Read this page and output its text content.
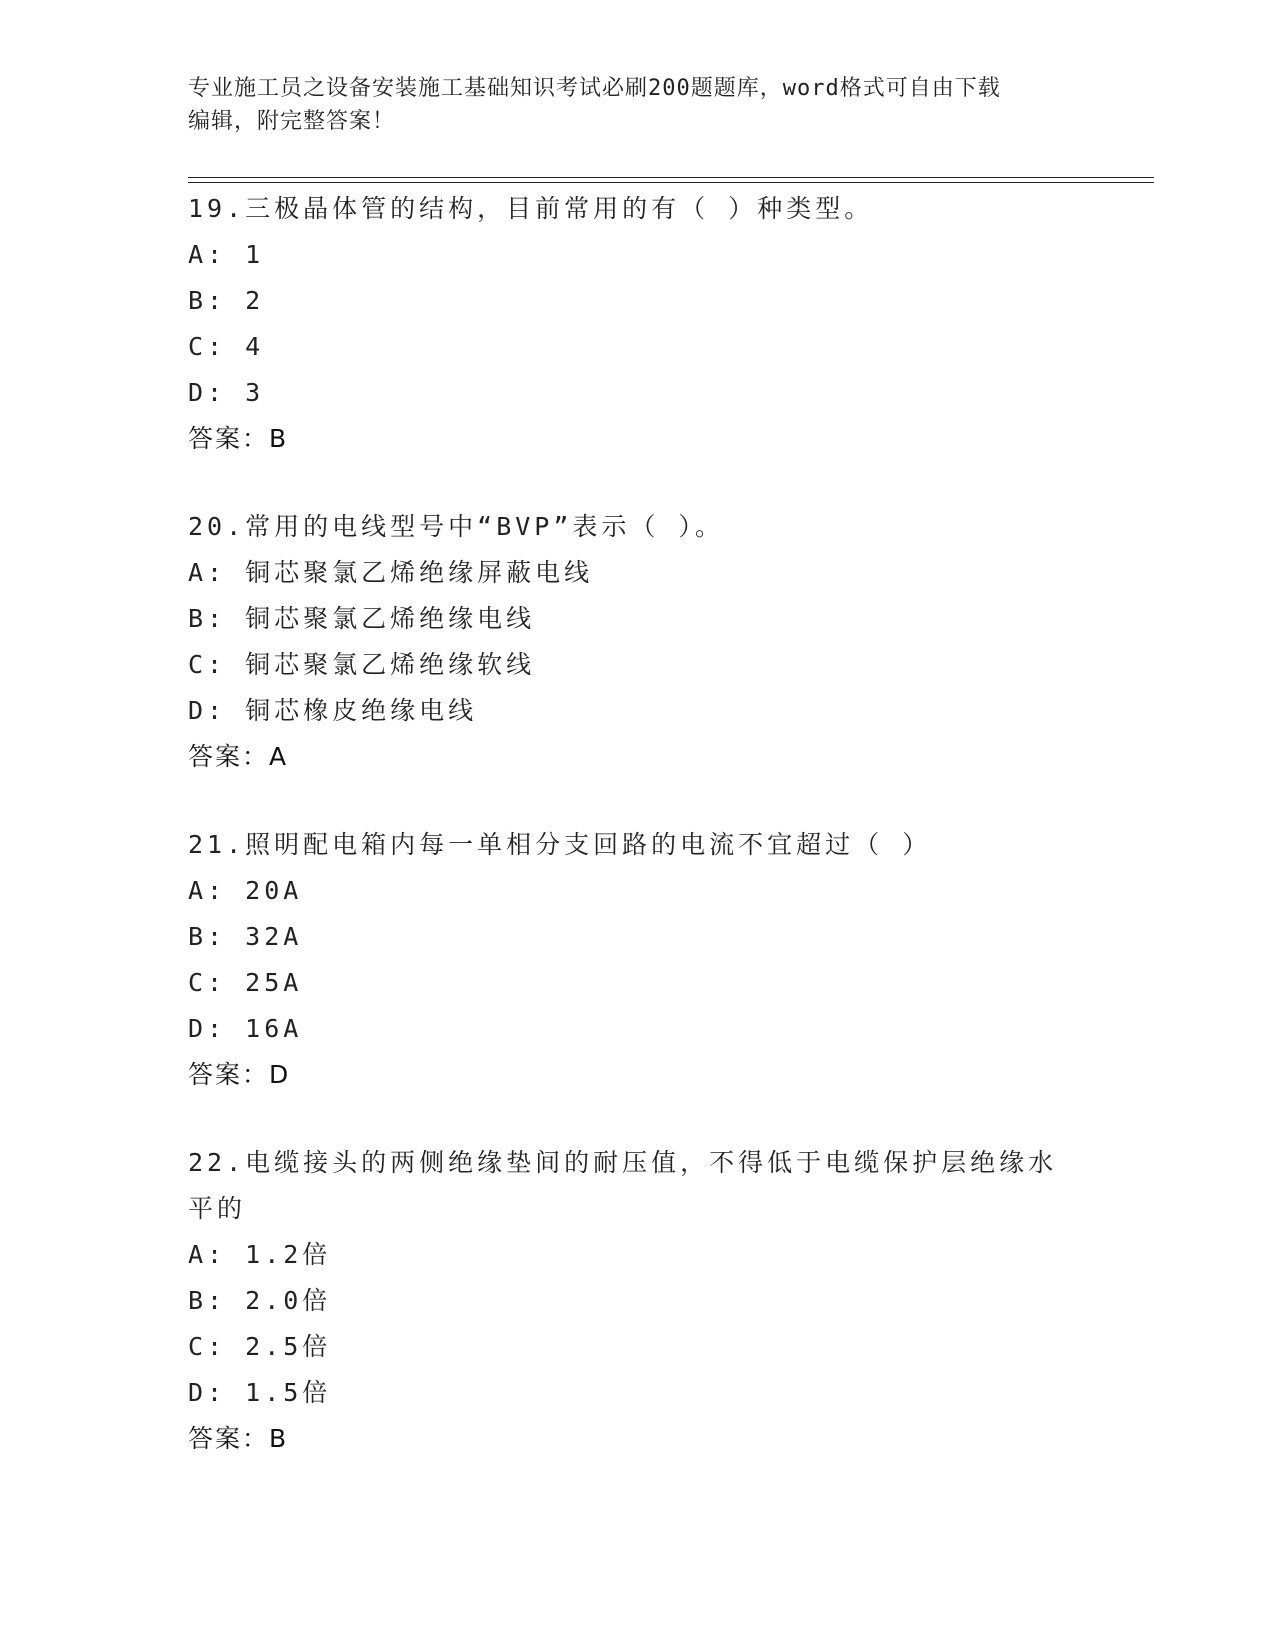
专业施工员之设备安装施工基础知识考试必刷200题题库，word格式可自由下载
编辑，附完整答案！
19.三极晶体管的结构，目前常用的有（ ）种类型。
A: 1
B: 2
C: 4
D: 3
答案：B
20.常用的电线型号中“BVP”表示（ ）。
A: 铜芯聚氯乙烯绝缘屏蔽电线
B: 铜芯聚氯乙烯绝缘电线
C: 铜芯聚氯乙烯绝缘软线
D: 铜芯橡皮绝缘电线
答案：A
21.照明配电箱内每一单相分支回路的电流不宜超过（ ）
A: 20A
B: 32A
C: 25A
D: 16A
答案：D
22.电缆接头的两侧绝缘垫间的耐压值，不得低于电缆保护层绝缘水平的
A: 1.2倍
B: 2.0倍
C: 2.5倍
D: 1.5倍
答案：B
